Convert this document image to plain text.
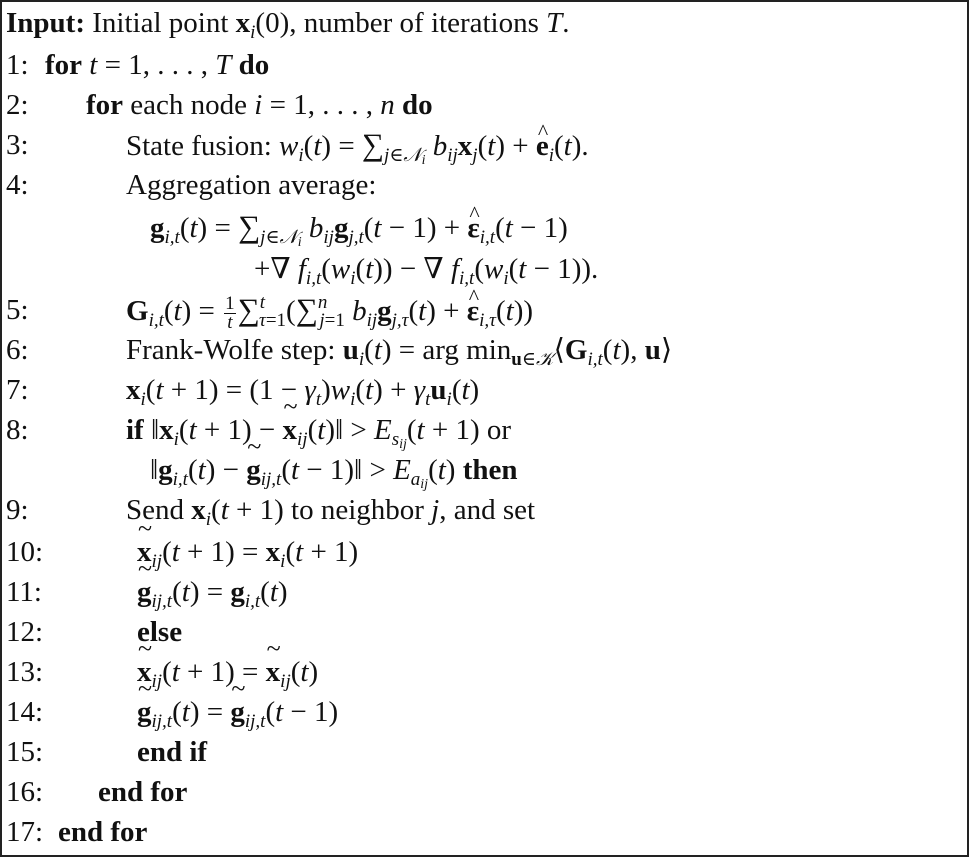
Input: Initial point $x_i(0)$, number of iterations T.
1: for t = 1, . . . , T do
2: for each node i = 1, . . . , n do
3:	State fusion: $w_i(t) = \sum_{j\in 𝒩_i}$ $b_{ij}x_j(t)$ + ^ $e_i(t)$.
4:	Aggregation average:
$g_{i,t}(t) = \sum_{j\in 𝒩_i}$ $b_{ij}g_{j,t}(t - 1)$ + ^ $\varepsilon_{i,t}(t - 1)$
+∇ $f_{i,t}(w_i(t))$ − ∇ $f_{i,t}(w_i(t - 1))$.
5:	$G_{i,t}(t) = \frac{1}{t} \sum^t_{\tau=1}(\sum^n_{j=1}$ $b_{ij}g_{j,\tau}(t)$ + ^ $\varepsilon_{i,\tau}(t)$)
6:	Frank-Wolfe step: $u_i(t)$ = arg $\min_{u\in 𝒦}⟨G_{i,t}(t)$, u⟩
7:	$x_i(t + 1) = (1 - \gamma_t)w_i(t) + \gamma_tu_i(t)$
8:	if $‖x_i(t + 1)$ − ~ $x_{ij}(t)‖ > E_{s_{ij}}(t + 1)$ or
$‖g_{i,t}(t)$ − ~ $g_{ij,t}(t$ − 1)‖ > $E_{a_{ij}}(t)$ then
9:	Send $x_i(t + 1)$ to neighbor j, and set
10:	~ $x_{ij}(t + 1) = x_i(t + 1)$
11:	~ $g_{ij,t}(t) = g_{i,t}(t)$
12:	else
13:	~ $x_{ij}(t + 1)$ = ~ $x_{ij}(t)$
14:	~ $g_{ij,t}(t)$ = ~ $g_{ij,t}(t - 1)$
15:	end if
16: end for
17: end for
